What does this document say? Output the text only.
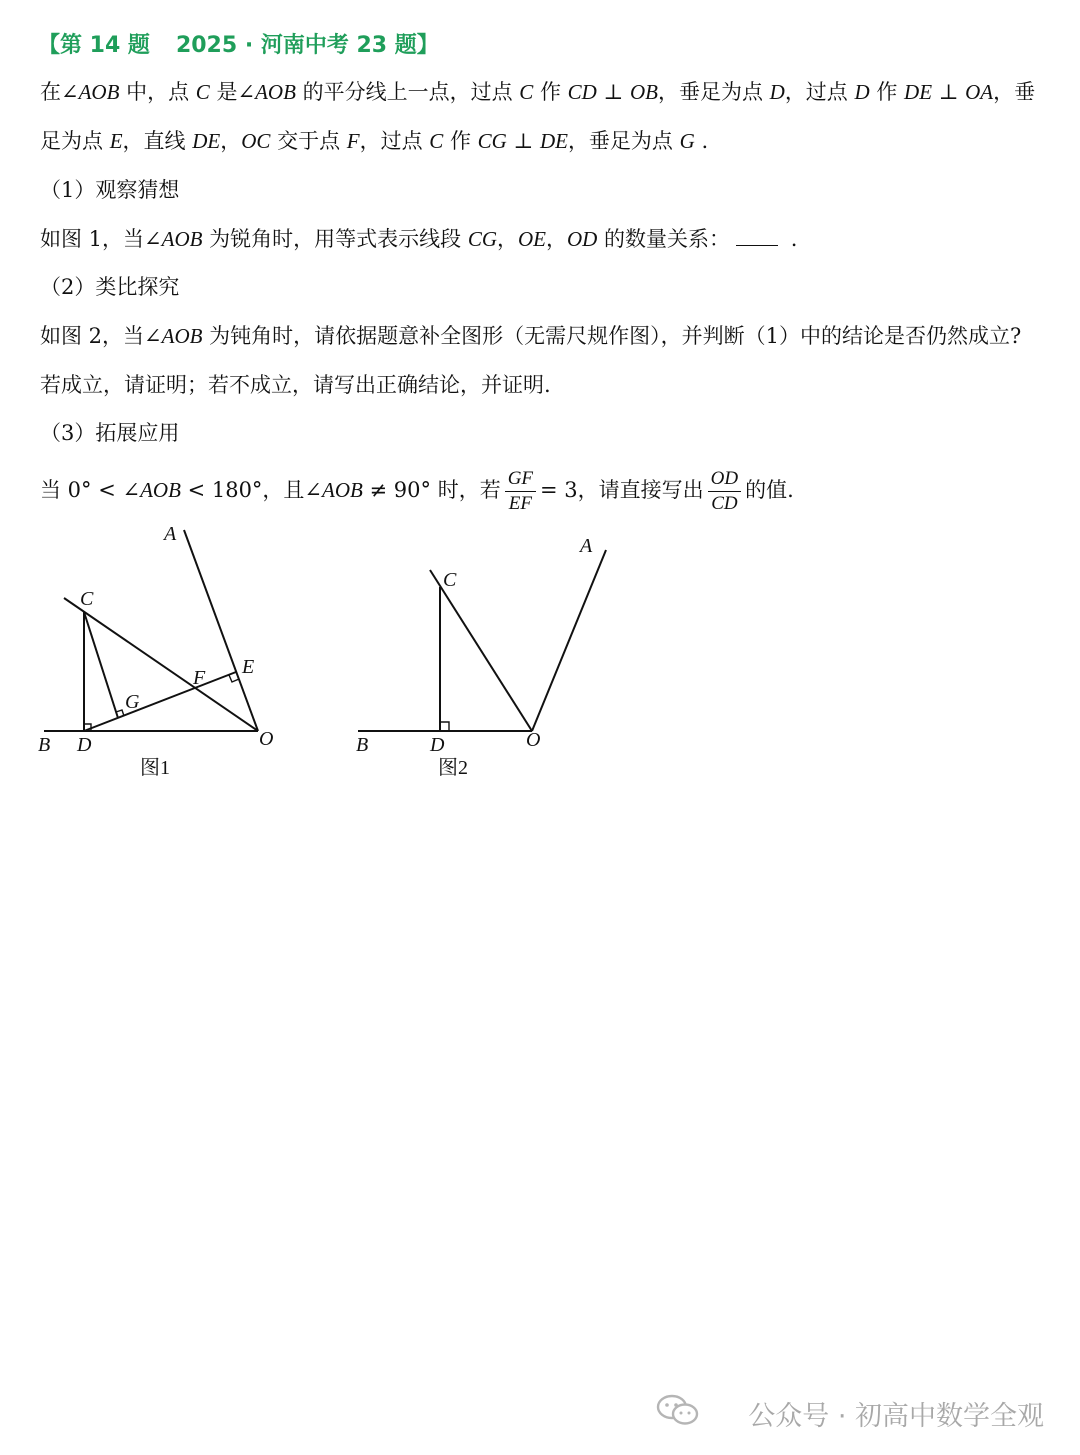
【第 14 题 2025 · 河南中考 23 题】
在∠AOB 中，点 C 是∠AOB 的平分线上一点，过点 C 作 CD ⊥ OB，垂足为点 D，过点 D 作 DE ⊥ OA，垂
足为点 E，直线 DE，OC 交于点 F，过点 C 作 CG ⊥ DE，垂足为点 G .
（1）观察猜想
如图 1，当∠AOB 为锐角时，用等式表示线段 CG，OE，OD 的数量关系：	.
（2）类比探究
如图 2，当∠AOB 为钝角时，请依据题意补全图形（无需尺规作图），并判断（1）中的结论是否仍然成立?
若成立，请证明；若不成立，请写出正确结论，并证明.
（3）拓展应用
当 0° < ∠AOB < 180°，且∠AOB ≠ 90° 时，若 $\frac{GF}{EF} = 3$，请直接写出 $\frac{OD}{CD}$ 的值.
A
C
E
F
G
B D	O
图1
A
C
B	D	O
图2
公众号 · 初高中数学全观
